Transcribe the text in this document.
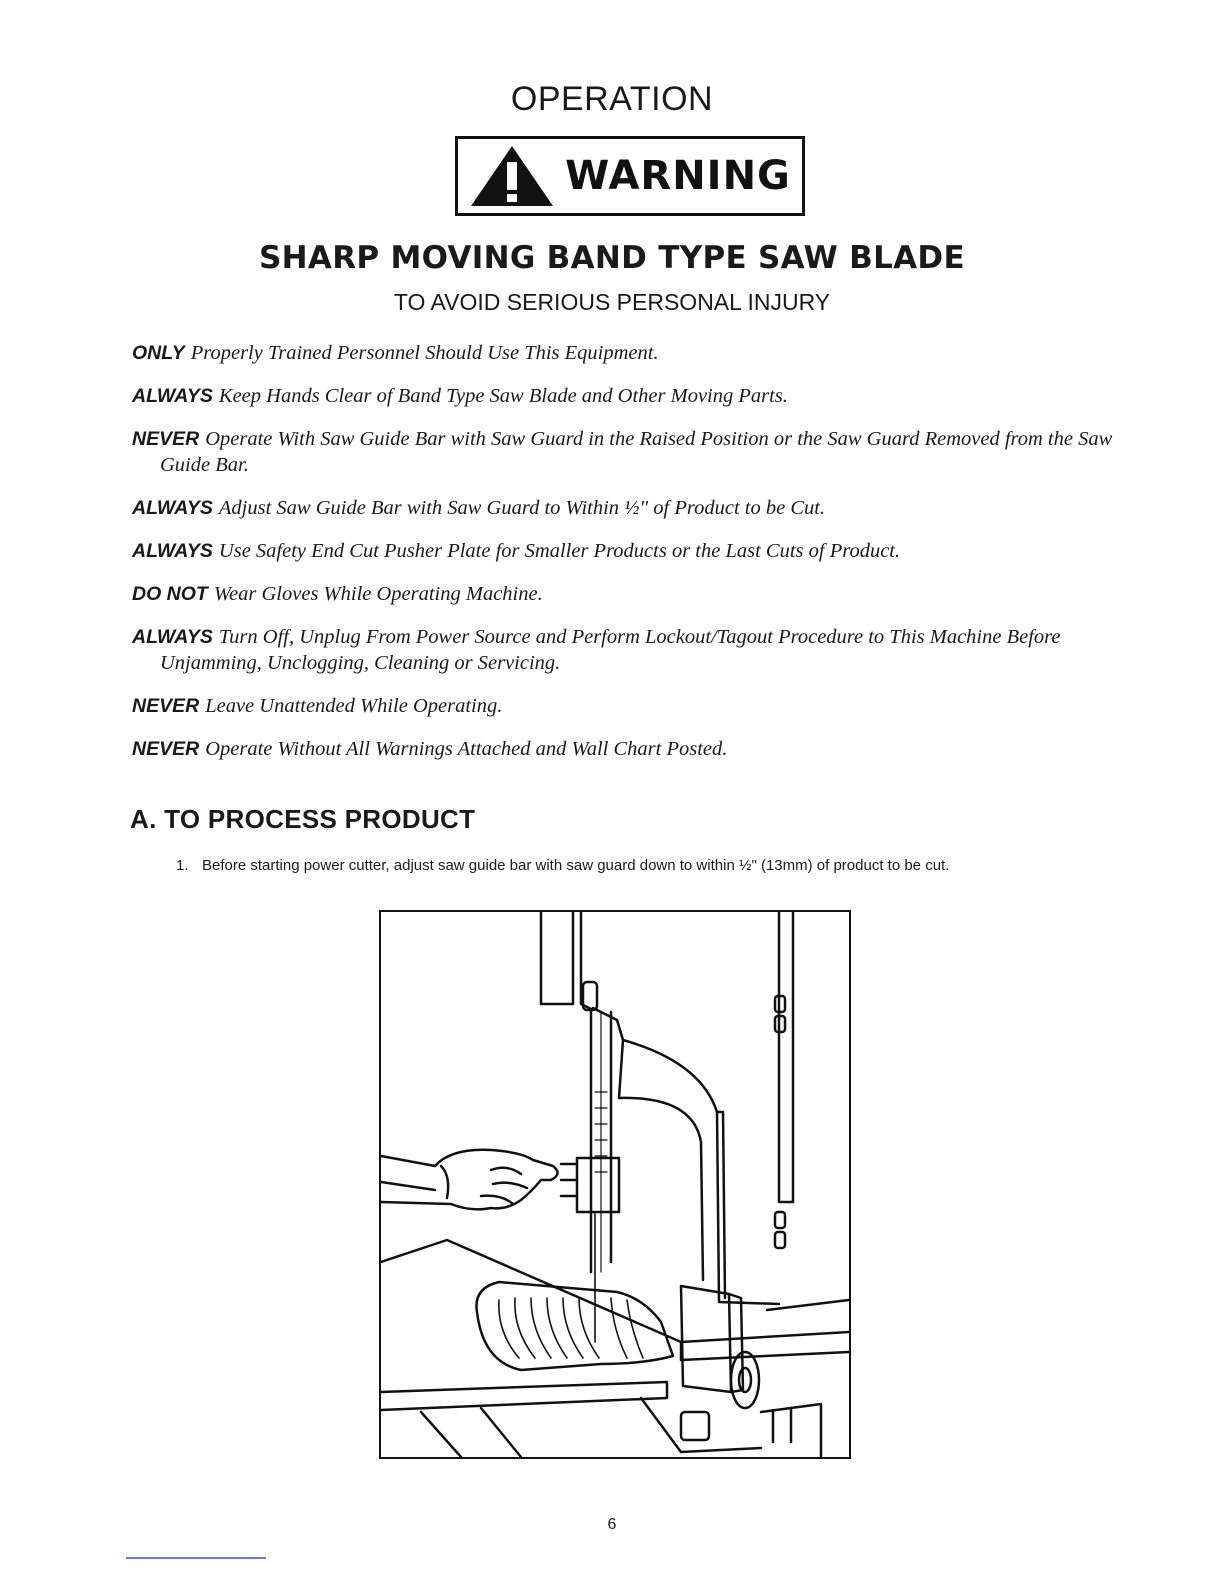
OPERATION
WARNING
SHARP MOVING BAND TYPE SAW BLADE
TO AVOID SERIOUS PERSONAL INJURY
ONLY Properly Trained Personnel Should Use This Equipment.
ALWAYS Keep Hands Clear of Band Type Saw Blade and Other Moving Parts.
NEVER Operate With Saw Guide Bar with Saw Guard in the Raised Position or the Saw Guard Removed from the Saw Guide Bar.
ALWAYS Adjust Saw Guide Bar with Saw Guard to Within ½" of Product to be Cut.
ALWAYS Use Safety End Cut Pusher Plate for Smaller Products or the Last Cuts of Product.
DO NOT Wear Gloves While Operating Machine.
ALWAYS Turn Off, Unplug From Power Source and Perform Lockout/Tagout Procedure to This Machine Before Unjamming, Unclogging, Cleaning or Servicing.
NEVER Leave Unattended While Operating.
NEVER Operate Without All Warnings Attached and Wall Chart Posted.
A. TO PROCESS PRODUCT
1. Before starting power cutter, adjust saw guide bar with saw guard down to within ½" (13mm) of product to be cut.
6
